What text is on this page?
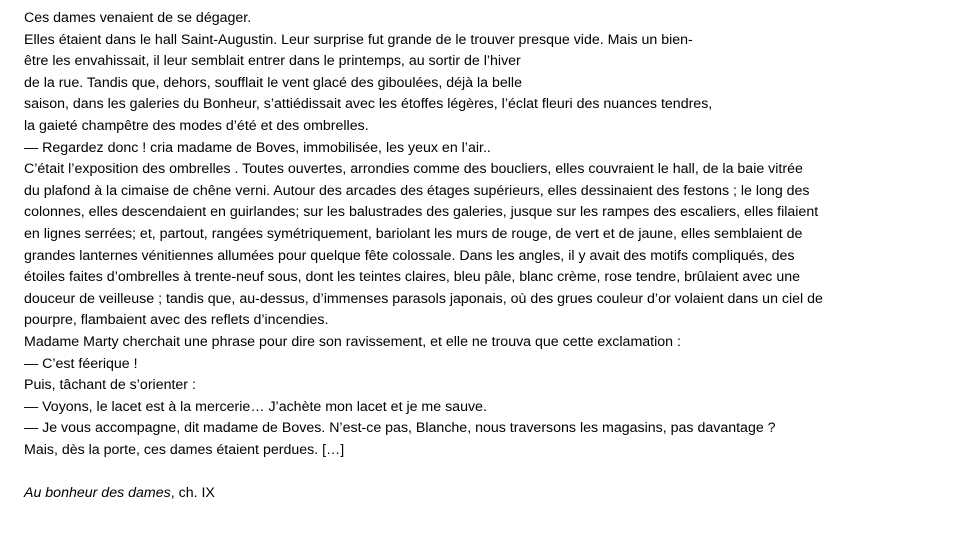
Ces dames venaient de se dégager.
Elles étaient dans le hall Saint-Augustin. Leur surprise fut grande de le trouver presque vide. Mais un bien-
être les envahissait, il leur semblait entrer dans le printemps, au sortir de l’hiver
de la rue. Tandis que, dehors, soufflait le vent glacé des giboulées, déjà la belle
saison, dans les galeries du Bonheur, s’attiédissait avec les étoffes légères, l’éclat fleuri des nuances tendres,
la gaieté champêtre des modes d’été et des ombrelles.
— Regardez donc ! cria madame de Boves, immobilisée, les yeux en l’air..
C’était l’exposition des ombrelles . Toutes ouvertes, arrondies comme des boucliers, elles couvraient le hall, de la baie vitrée
du plafond à la cimaise de chêne verni. Autour des arcades des étages supérieurs, elles dessinaient des festons ; le long des
colonnes, elles descendaient en guirlandes; sur les balustrades des galeries, jusque sur les rampes des escaliers, elles filaient
en lignes serrées; et, partout, rangées symétriquement, bariolant les murs de rouge, de vert et de jaune, elles semblaient de
grandes lanternes vénitiennes allumées pour quelque fête colossale. Dans les angles, il y avait des motifs compliqués, des
étoiles faites d’ombrelles à trente-neuf sous, dont les teintes claires, bleu pâle, blanc crème, rose tendre, brûlaient avec une
douceur de veilleuse ; tandis que, au-dessus, d’immenses parasols japonais, où des grues couleur d’or volaient dans un ciel de
pourpre, flambaient avec des reflets d’incendies.
Madame Marty cherchait une phrase pour dire son ravissement, et elle ne trouva que cette exclamation :
— C’est féerique !
Puis, tâchant de s’orienter :
— Voyons, le lacet est à la mercerie… J’achète mon lacet et je me sauve.
— Je vous accompagne, dit madame de Boves. N’est-ce pas, Blanche, nous traversons les magasins, pas davantage ?
Mais, dès la porte, ces dames étaient perdues. […]
Au bonheur des dames, ch. IX
